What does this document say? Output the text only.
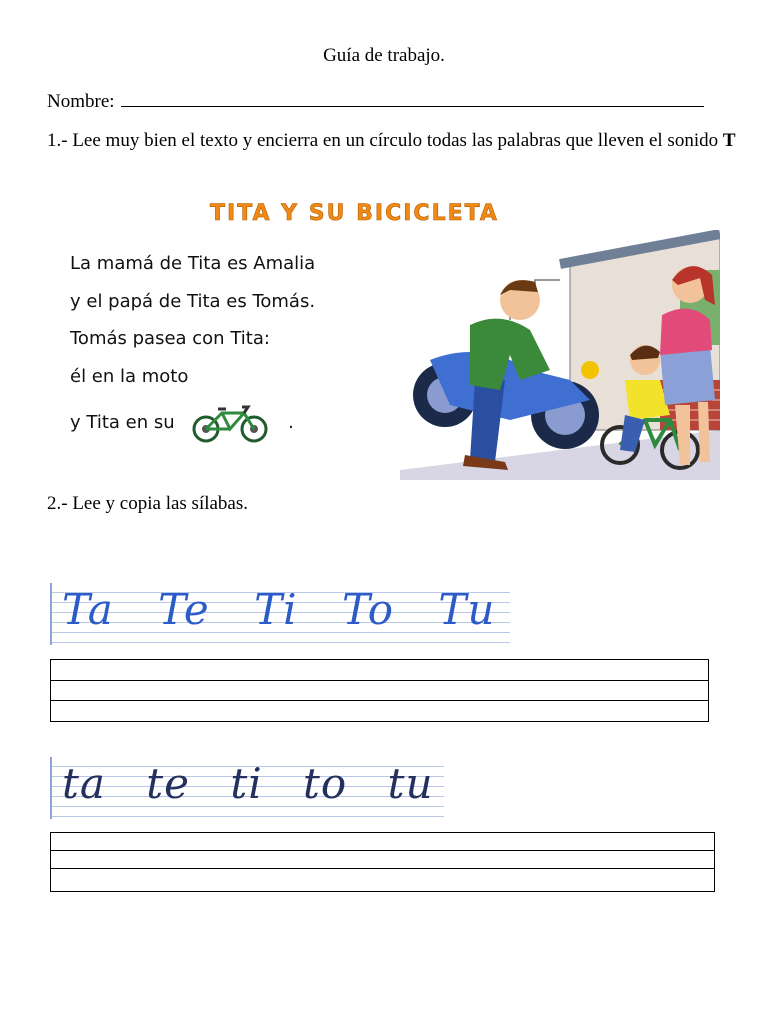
Guía de trabajo.
Nombre:
1.- Lee muy bien el texto y encierra en un círculo todas las palabras que lleven el sonido T
TITA Y SU BICICLETA
La mamá de Tita es Amalia
y el papá de Tita es Tomás.
Tomás pasea con Tita:
él en la moto
y Tita en su	.
2.- Lee y copia las sílabas.
Ta Te Ti To Tu
ta te ti to tu
